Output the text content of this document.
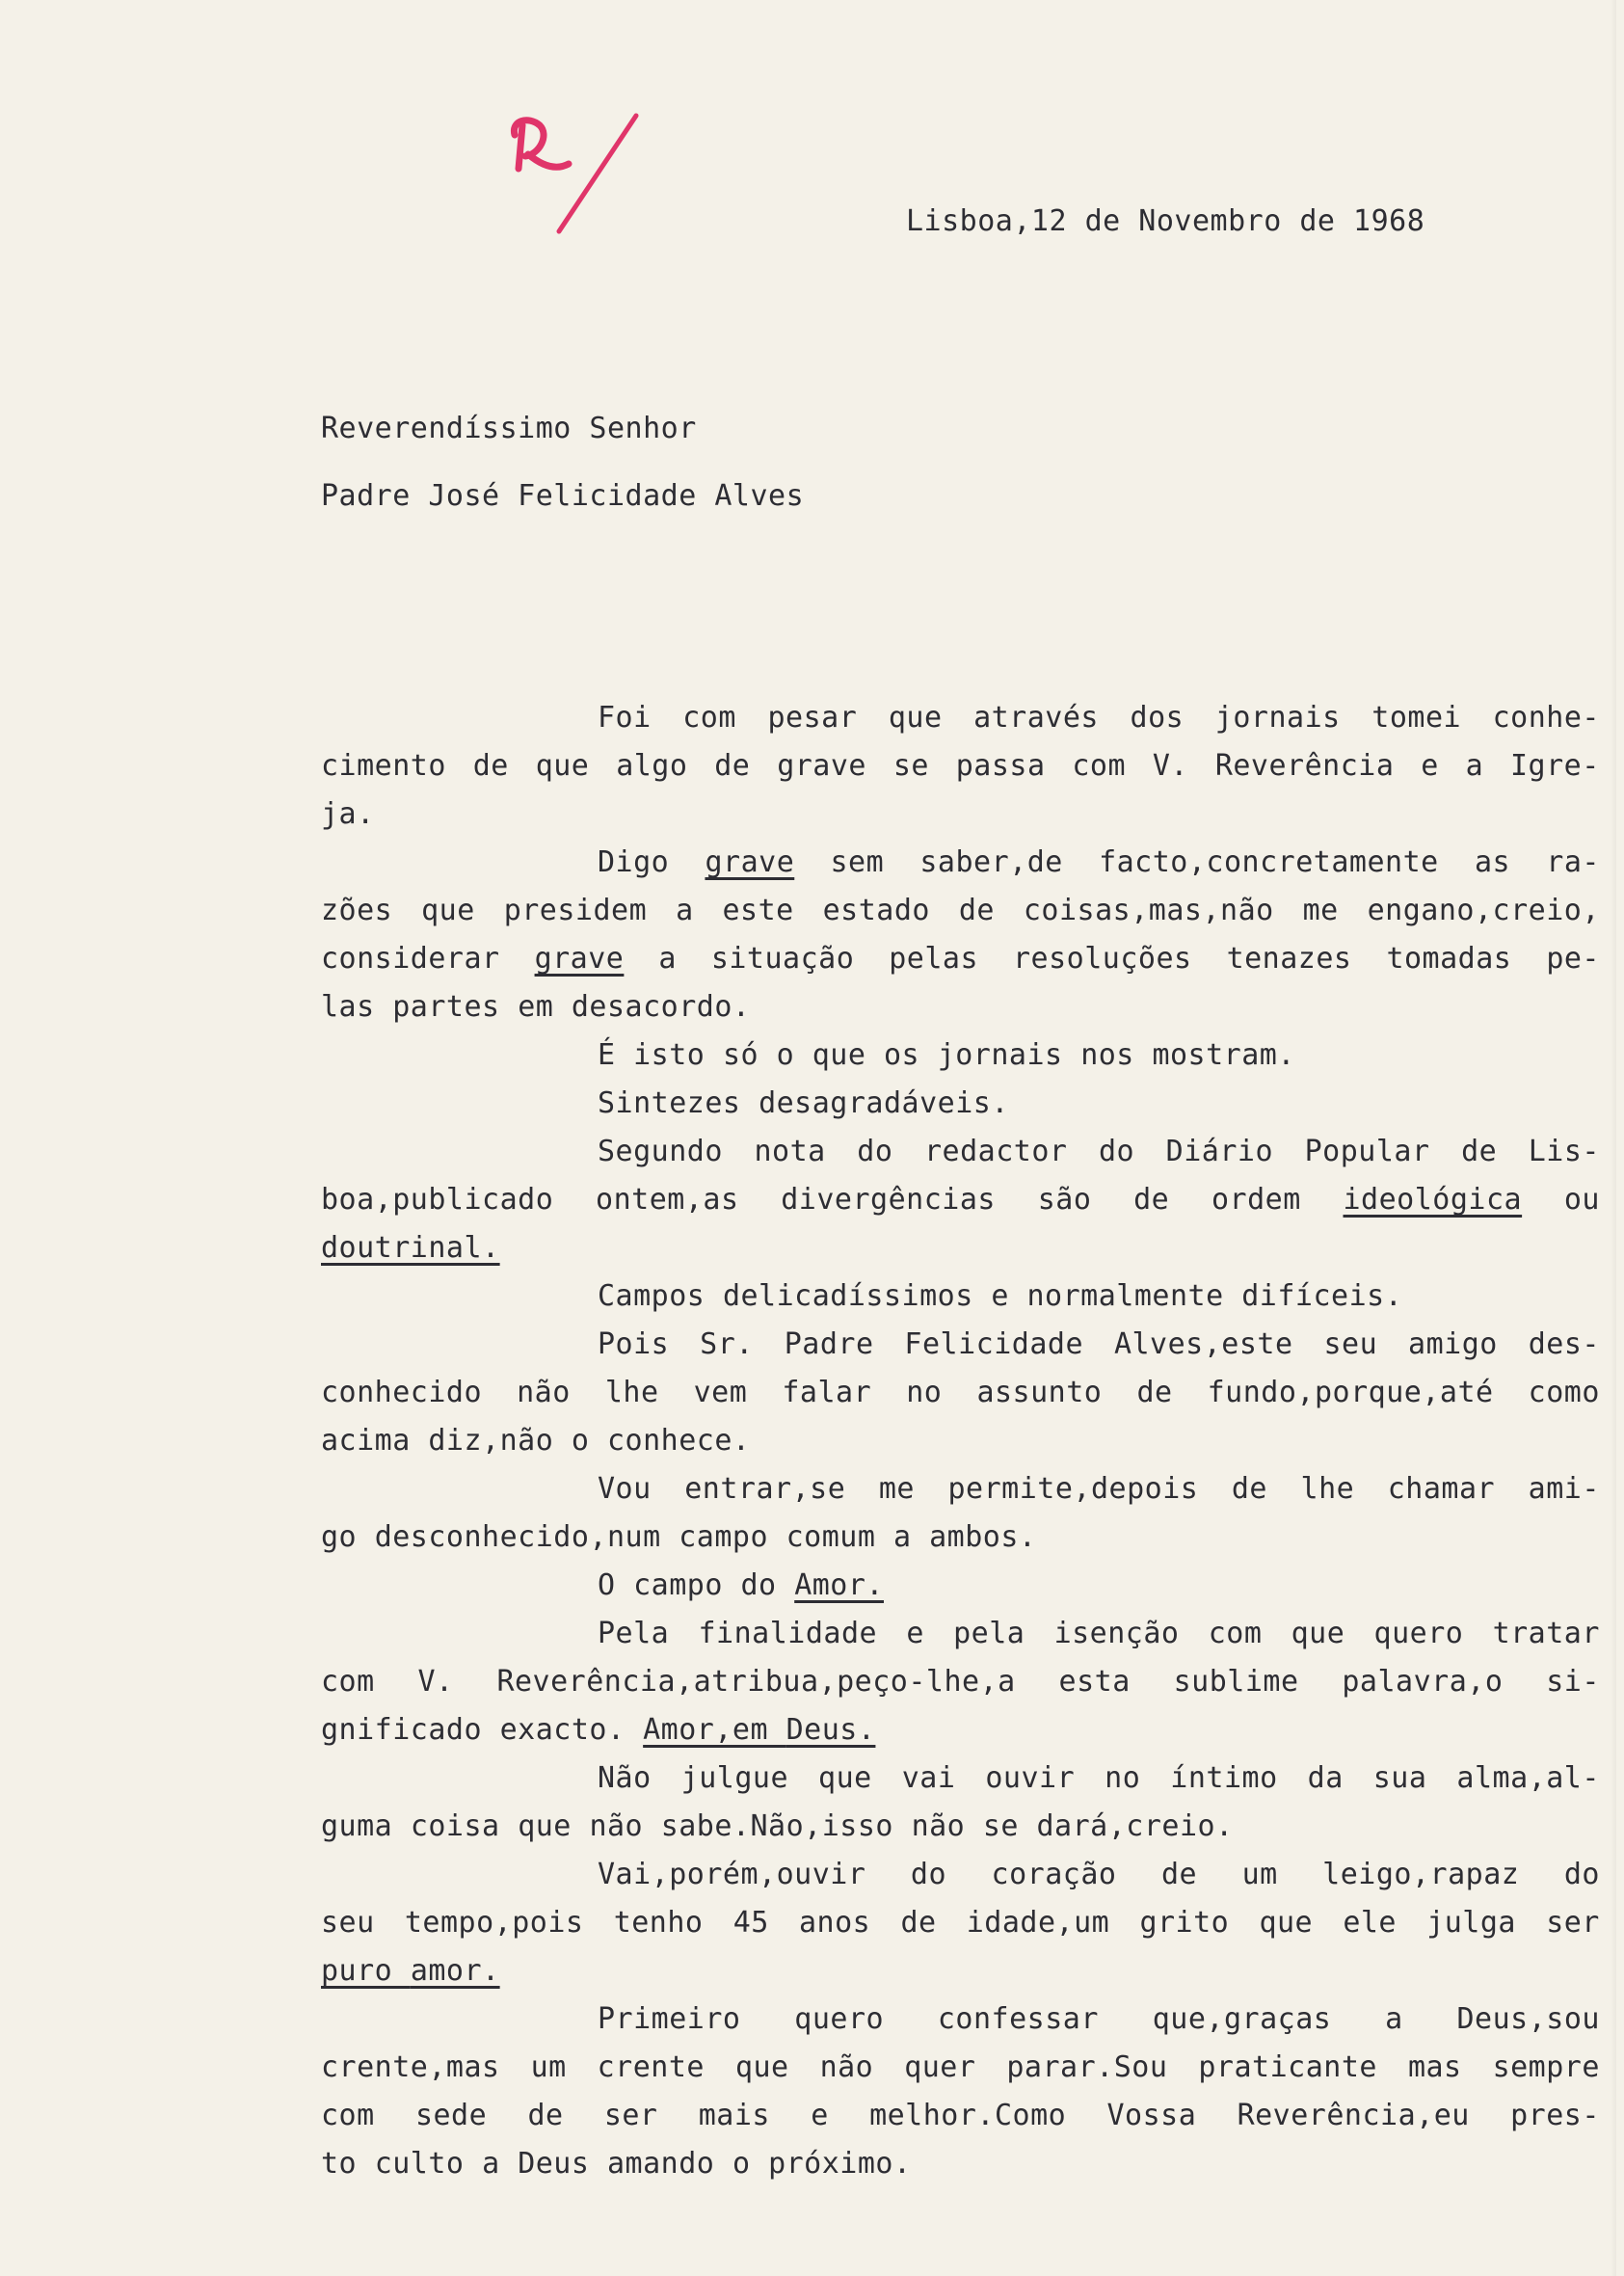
Lisboa,12 de Novembro de 1968
Reverendíssimo Senhor
Padre José Felicidade Alves
Foi com pesar que através dos jornais tomei conhe-
cimento de que algo de grave se passa com V. Reverência e a Igre-
ja.
Digo grave sem saber,de facto,concretamente as ra-
zões que presidem a este estado de coisas,mas,não me engano,creio,
considerar grave a situação pelas resoluções tenazes tomadas pe-
las partes em desacordo.
É isto só o que os jornais nos mostram.
Sintezes desagradáveis.
Segundo nota do redactor do Diário Popular de Lis-
boa,publicado ontem,as divergências são de ordem ideológica ou
doutrinal.
Campos delicadíssimos e normalmente difíceis.
Pois Sr. Padre Felicidade Alves,este seu amigo des-
conhecido não lhe vem falar no assunto de fundo,porque,até como
acima diz,não o conhece.
Vou entrar,se me permite,depois de lhe chamar ami-
go desconhecido,num campo comum a ambos.
O campo do Amor.
Pela finalidade e pela isenção com que quero tratar
com V. Reverência,atribua,peço-lhe,a esta sublime palavra,o si-
gnificado exacto. Amor,em Deus.
Não julgue que vai ouvir no íntimo da sua alma,al-
guma coisa que não sabe.Não,isso não se dará,creio.
Vai,porém,ouvir do coração de um leigo,rapaz do
seu tempo,pois tenho 45 anos de idade,um grito que ele julga ser
puro amor.
Primeiro quero confessar que,graças a Deus,sou
crente,mas um crente que não quer parar.Sou praticante mas sempre
com sede de ser mais e melhor.Como Vossa Reverência,eu pres-
to culto a Deus amando o próximo.
